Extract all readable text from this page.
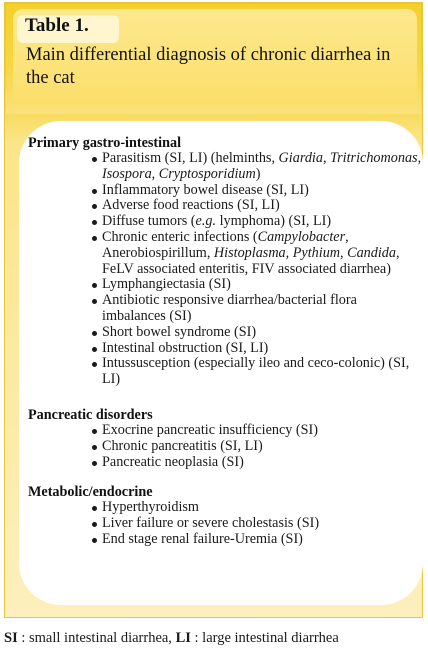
Table 1.
Main differential diagnosis of chronic diarrhea in the cat
Primary gastro-intestinal
Parasitism (SI, LI) (helminths, Giardia, Tritrichomonas, Isospora, Cryptosporidium)
Inflammatory bowel disease (SI, LI)
Adverse food reactions (SI, LI)
Diffuse tumors (e.g. lymphoma) (SI, LI)
Chronic enteric infections (Campylobacter, Anerobiospirillum, Histoplasma, Pythium, Candida, FeLV associated enteritis, FIV associated diarrhea)
Lymphangiectasia (SI)
Antibiotic responsive diarrhea/bacterial flora imbalances (SI)
Short bowel syndrome (SI)
Intestinal obstruction (SI, LI)
Intussusception (especially ileo and ceco-colonic) (SI, LI)
Pancreatic disorders
Exocrine pancreatic insufficiency (SI)
Chronic pancreatitis (SI, LI)
Pancreatic neoplasia (SI)
Metabolic/endocrine
Hyperthyroidism
Liver failure or severe cholestasis (SI)
End stage renal failure-Uremia (SI)
SI : small intestinal diarrhea, LI : large intestinal diarrhea
